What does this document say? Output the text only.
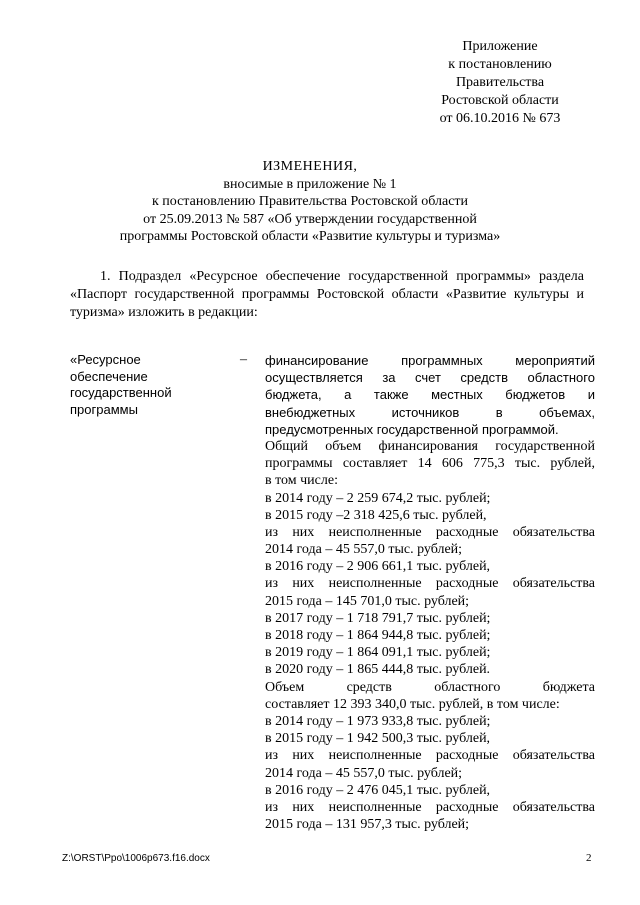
Приложение
к постановлению
Правительства
Ростовской области
от 06.10.2016 № 673
ИЗМЕНЕНИЯ,
вносимые в приложение № 1
к постановлению Правительства Ростовской области
от 25.09.2013 № 587 «Об утверждении государственной
программы Ростовской области «Развитие культуры и туризма»

1. Подраздел «Ресурсное обеспечение государственной программы» раздела «Паспорт государственной программы Ростовской области «Развитие культуры и туризма» изложить в редакции:

«Ресурсное
обеспечение
государственной
программы
– финансирование	программных	мероприятий
осуществляется за счет средств областного
бюджета, а также местных бюджетов и
внебюджетных	источников	в	объемах,
предусмотренных государственной программой.
Общий объем финансирования государственной
программы составляет 14 606 775,3 тыс. рублей,
в том числе:
в 2014 году – 2 259 674,2 тыс. рублей;
в 2015 году –2 318 425,6 тыс. рублей,
из них неисполненные расходные обязательства
2014 года – 45 557,0 тыс. рублей;
в 2016 году – 2 906 661,1 тыс. рублей,
из них неисполненные расходные обязательства
2015 года – 145 701,0 тыс. рублей;
в 2017 году – 1 718 791,7 тыс. рублей;
в 2018 году – 1 864 944,8 тыс. рублей;
в 2019 году – 1 864 091,1 тыс. рублей;
в 2020 году – 1 865 444,8 тыс. рублей.
Объем	средств	областного	бюджета
составляет 12 393 340,0 тыс. рублей, в том числе:
в 2014 году – 1 973 933,8 тыс. рублей;
в 2015 году – 1 942 500,3 тыс. рублей,
из них неисполненные расходные обязательства
2014 года – 45 557,0 тыс. рублей;
в 2016 году – 2 476 045,1 тыс. рублей,
из них неисполненные расходные обязательства
2015 года – 131 957,3 тыс. рублей;
Z:\ORST\Ppo\1006p673.f16.docx	2
